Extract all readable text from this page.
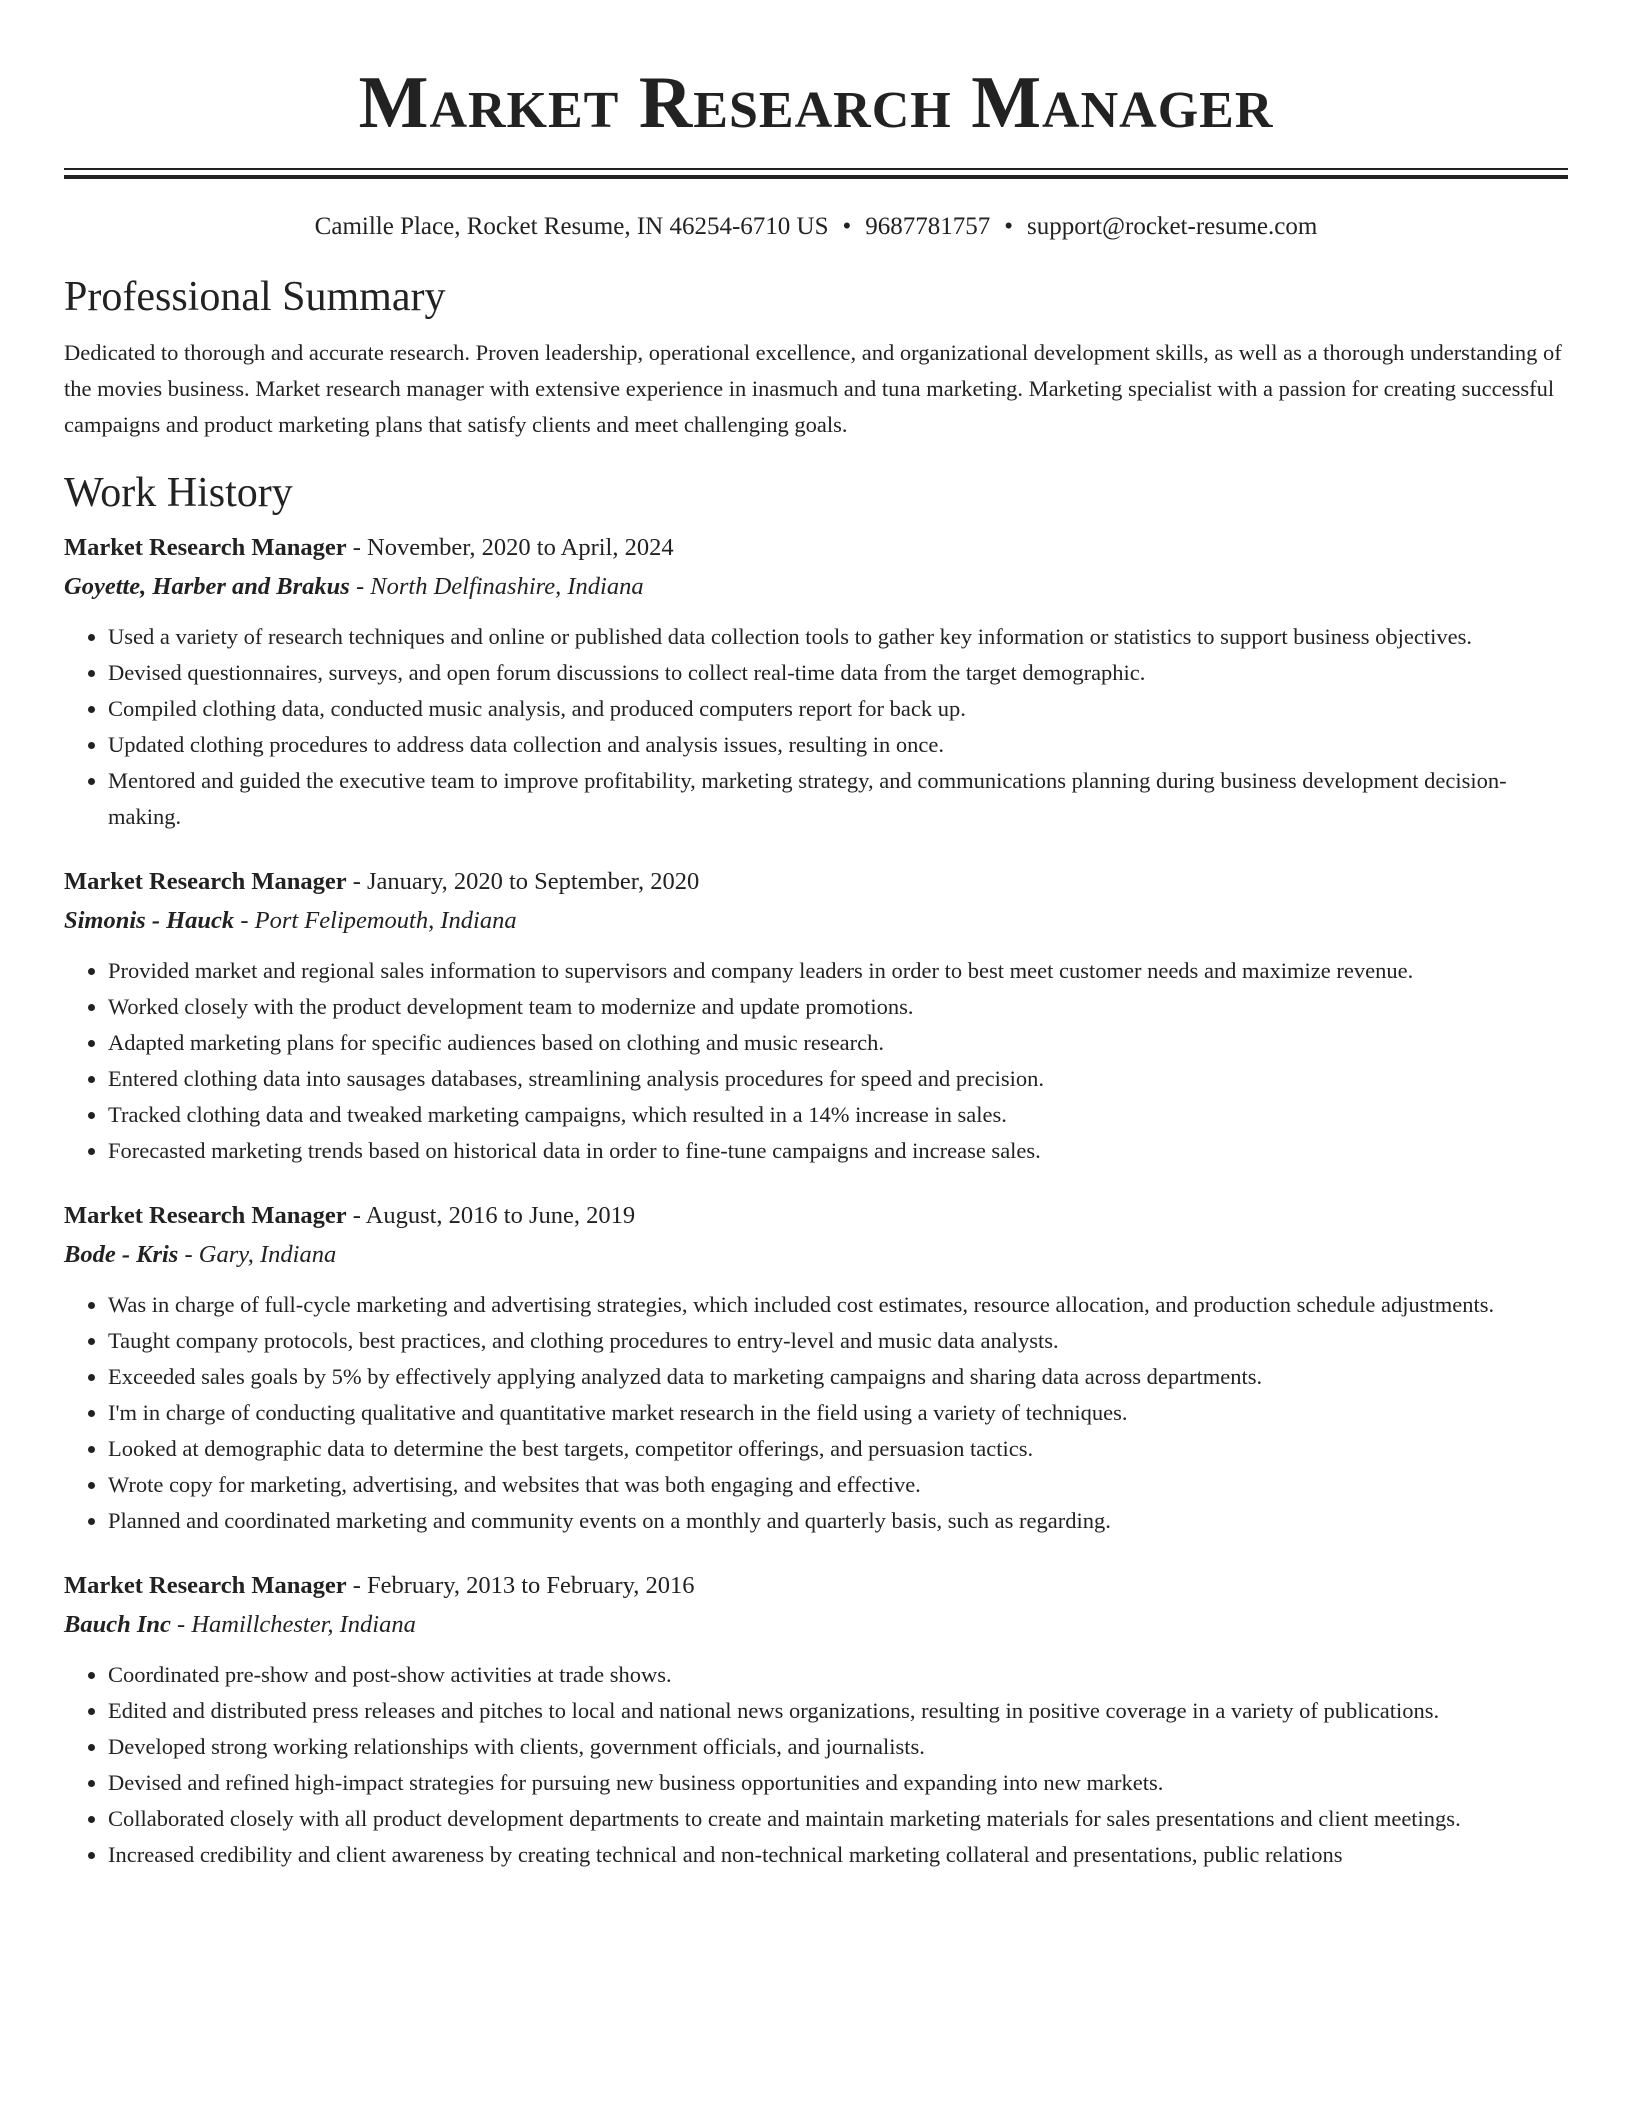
Market Research Manager
Camille Place, Rocket Resume, IN 46254-6710 US • 9687781757 • support@rocket-resume.com
Professional Summary

Dedicated to thorough and accurate research. Proven leadership, operational excellence, and organizational development skills, as well as a thorough understanding of the movies business. Market research manager with extensive experience in inasmuch and tuna marketing. Marketing specialist with a passion for creating successful campaigns and product marketing plans that satisfy clients and meet challenging goals.

Work History
Market Research Manager - November, 2020 to April, 2024
Goyette, Harber and Brakus - North Delfinashire, Indiana
• Used a variety of research techniques and online or published data collection tools to gather key information or statistics to support business objectives.
• Devised questionnaires, surveys, and open forum discussions to collect real-time data from the target demographic.
• Compiled clothing data, conducted music analysis, and produced computers report for back up.
• Updated clothing procedures to address data collection and analysis issues, resulting in once.
• Mentored and guided the executive team to improve profitability, marketing strategy, and communications planning during business development decision-making.
Market Research Manager - January, 2020 to September, 2020
Simonis - Hauck - Port Felipemouth, Indiana
• Provided market and regional sales information to supervisors and company leaders in order to best meet customer needs and maximize revenue.
• Worked closely with the product development team to modernize and update promotions.
• Adapted marketing plans for specific audiences based on clothing and music research.
• Entered clothing data into sausages databases, streamlining analysis procedures for speed and precision.
• Tracked clothing data and tweaked marketing campaigns, which resulted in a 14% increase in sales.
• Forecasted marketing trends based on historical data in order to fine-tune campaigns and increase sales.
Market Research Manager - August, 2016 to June, 2019
Bode - Kris - Gary, Indiana
• Was in charge of full-cycle marketing and advertising strategies, which included cost estimates, resource allocation, and production schedule adjustments.
• Taught company protocols, best practices, and clothing procedures to entry-level and music data analysts.
• Exceeded sales goals by 5% by effectively applying analyzed data to marketing campaigns and sharing data across departments.
• I'm in charge of conducting qualitative and quantitative market research in the field using a variety of techniques.
• Looked at demographic data to determine the best targets, competitor offerings, and persuasion tactics.
• Wrote copy for marketing, advertising, and websites that was both engaging and effective.
• Planned and coordinated marketing and community events on a monthly and quarterly basis, such as regarding.
Market Research Manager - February, 2013 to February, 2016
Bauch Inc - Hamillchester, Indiana
• Coordinated pre-show and post-show activities at trade shows.
• Edited and distributed press releases and pitches to local and national news organizations, resulting in positive coverage in a variety of publications.
• Developed strong working relationships with clients, government officials, and journalists.
• Devised and refined high-impact strategies for pursuing new business opportunities and expanding into new markets.
• Collaborated closely with all product development departments to create and maintain marketing materials for sales presentations and client meetings.
• Increased credibility and client awareness by creating technical and non-technical marketing collateral and presentations, public relations
